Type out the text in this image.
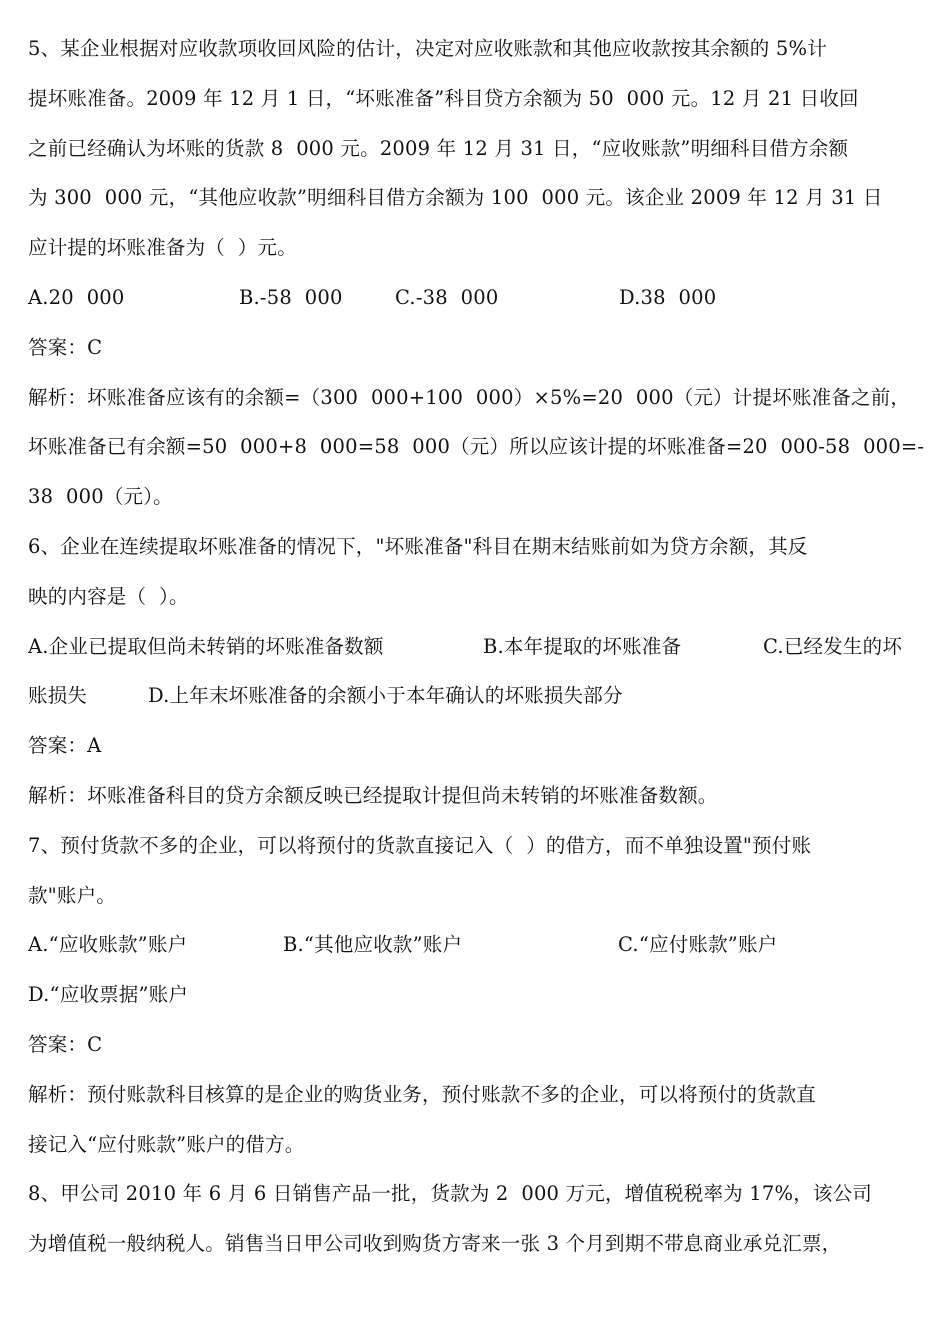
5、某企业根据对应收款项收回风险的估计，决定对应收账款和其他应收款按其余额的 5%计
提坏账准备。2009 年 12 月 1 日，“坏账准备”科目贷方余额为 50  000 元。12 月 21 日收回
之前已经确认为坏账的货款 8  000 元。2009 年 12 月 31 日，“应收账款”明细科目借方余额
为 300  000 元，“其他应收款”明细科目借方余额为 100  000 元。该企业 2009 年 12 月 31 日
应计提的坏账准备为（  ）元。
A.20  000	B.-58  000	C.-38  000	D.38  000
答案：C
解析：坏账准备应该有的余额=（300  000+100  000）×5%=20  000（元）计提坏账准备之前，
坏账准备已有余额=50  000+8  000=58  000（元）所以应该计提的坏账准备=20  000-58  000=-
38  000（元）。
6、企业在连续提取坏账准备的情况下，"坏账准备"科目在期末结账前如为贷方余额，其反
映的内容是（  ）。
A.企业已提取但尚未转销的坏账准备数额	B.本年提取的坏账准备	C.已经发生的坏
账损失	D.上年末坏账准备的余额小于本年确认的坏账损失部分
答案：A
解析：坏账准备科目的贷方余额反映已经提取计提但尚未转销的坏账准备数额。
7、预付货款不多的企业，可以将预付的货款直接记入（  ）的借方，而不单独设置"预付账
款"账户。
A.“应收账款”账户	B.“其他应收款”账户	C.“应付账款”账户
D.“应收票据”账户
答案：C
解析：预付账款科目核算的是企业的购货业务，预付账款不多的企业，可以将预付的货款直
接记入“应付账款”账户的借方。
8、甲公司 2010 年 6 月 6 日销售产品一批，货款为 2  000 万元，增值税税率为 17%，该公司
为增值税一般纳税人。销售当日甲公司收到购货方寄来一张 3 个月到期不带息商业承兑汇票，
